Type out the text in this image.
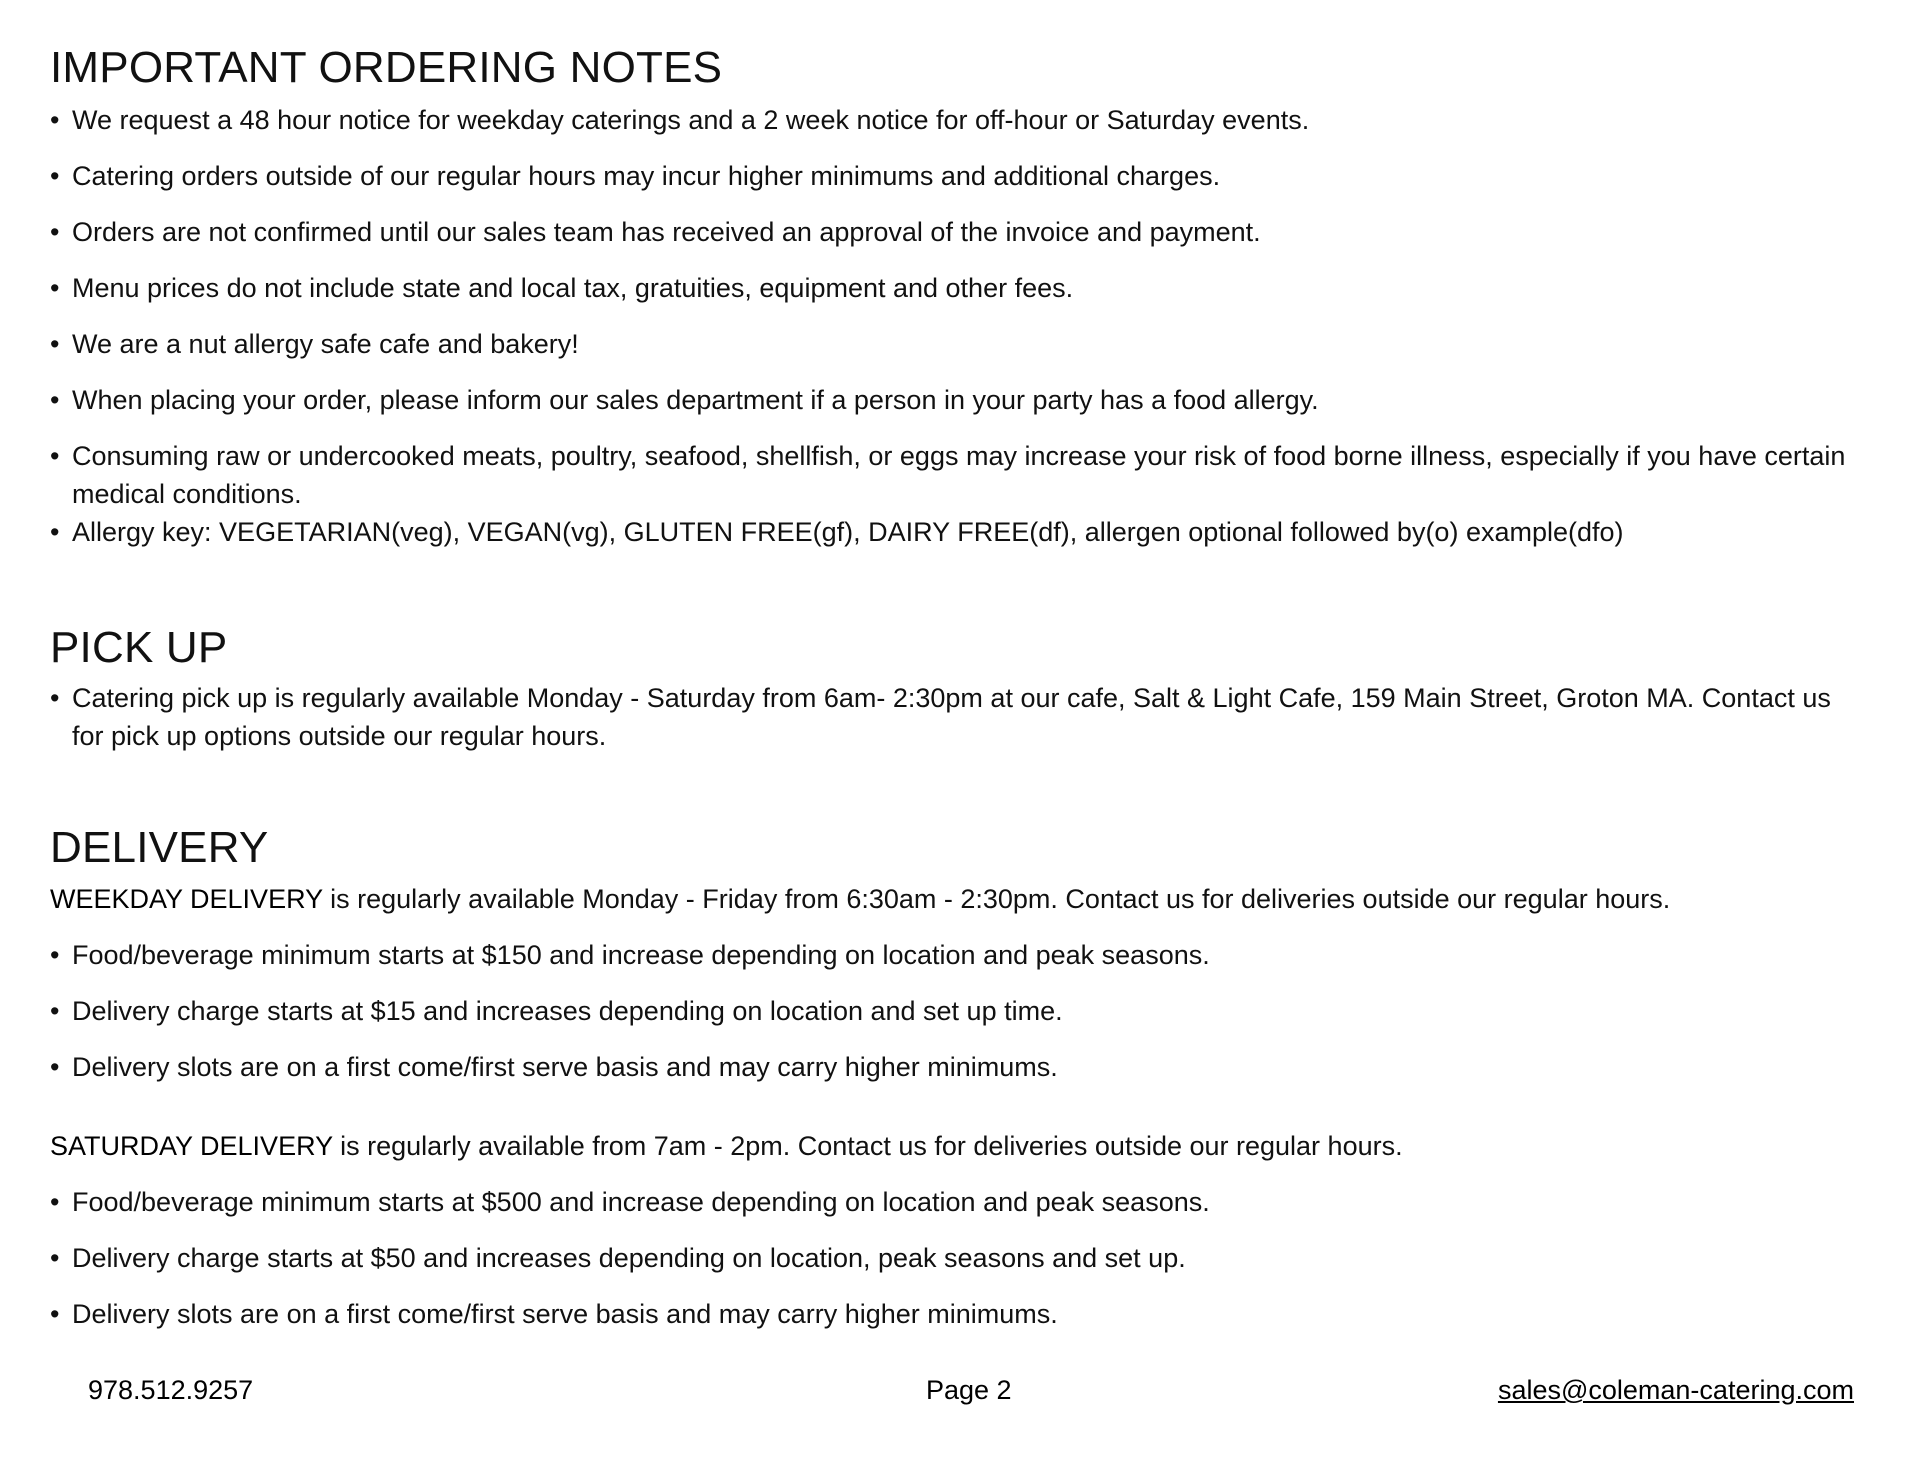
IMPORTANT ORDERING NOTES
• We request a 48 hour notice for weekday caterings and a 2 week notice for off-hour or Saturday events.
• Catering orders outside of our regular hours may incur higher minimums and additional charges.
• Orders are not confirmed until our sales team has received an approval of the invoice and payment.
• Menu prices do not include state and local tax, gratuities, equipment and other fees.
• We are a nut allergy safe cafe and bakery!
• When placing your order, please inform our sales department if a person in your party has a food allergy.
• Consuming raw or undercooked meats, poultry, seafood, shellfish, or eggs may increase your risk of food borne illness, especially if you have certain medical conditions.
• Allergy key: VEGETARIAN(veg), VEGAN(vg), GLUTEN FREE(gf), DAIRY FREE(df), allergen optional followed by(o) example(dfo)
PICK UP
• Catering pick up is regularly available Monday - Saturday from 6am- 2:30pm at our cafe, Salt & Light Cafe, 159 Main Street, Groton MA. Contact us for pick up options outside our regular hours.
DELIVERY
WEEKDAY DELIVERY is regularly available Monday - Friday from 6:30am - 2:30pm. Contact us for deliveries outside our regular hours.
• Food/beverage minimum starts at $150 and increase depending on location and peak seasons.
• Delivery charge starts at $15 and increases depending on location and set up time.
• Delivery slots are on a first come/first serve basis and may carry higher minimums.
SATURDAY DELIVERY is regularly available from 7am - 2pm. Contact us for deliveries outside our regular hours.
• Food/beverage minimum starts at $500 and increase depending on location and peak seasons.
• Delivery charge starts at $50 and increases depending on location, peak seasons and set up.
• Delivery slots are on a first come/first serve basis and may carry higher minimums.
978.512.9257	Page 2	sales@coleman-catering.com
